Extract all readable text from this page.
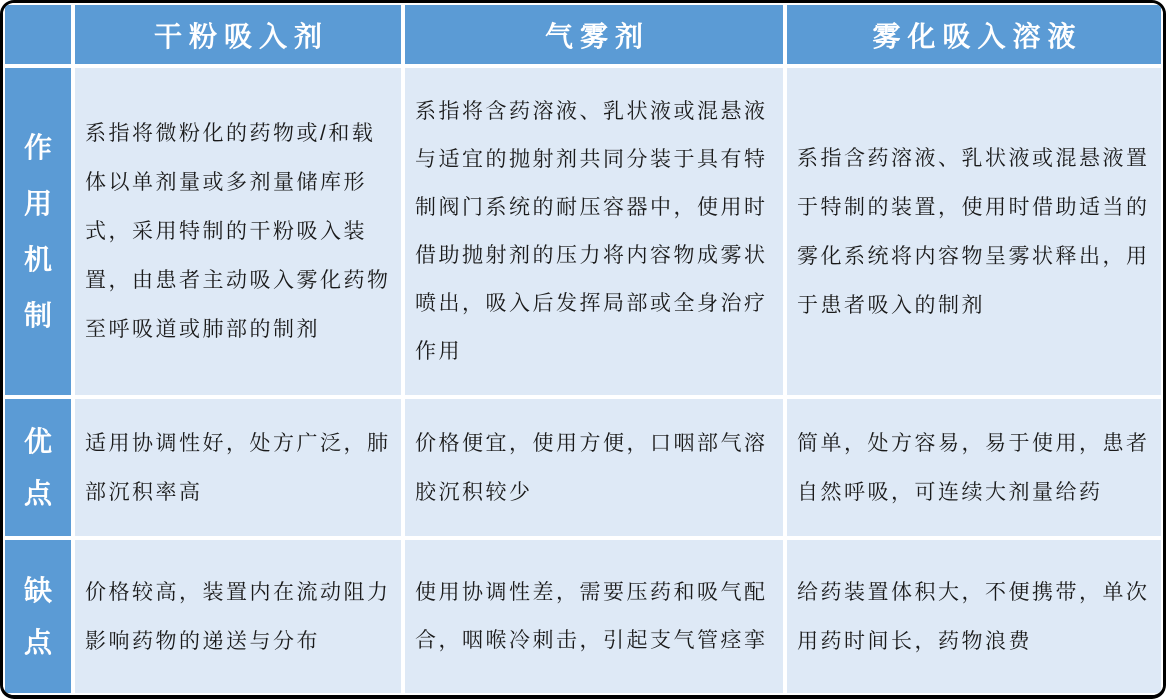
干粉吸入剂	气雾剂	雾化吸入溶液
作用机制
系指将微粉化的药物或/和载体以单剂量或多剂量储库形式，采用特制的干粉吸入装置，由患者主动吸入雾化药物至呼吸道或肺部的制剂
系指将含药溶液、乳状液或混悬液与适宜的抛射剂共同分装于具有特制阀门系统的耐压容器中，使用时借助抛射剂的压力将内容物成雾状喷出，吸入后发挥局部或全身治疗作用
系指含药溶液、乳状液或混悬液置于特制的装置，使用时借助适当的雾化系统将内容物呈雾状释出，用于患者吸入的制剂
优点
适用协调性好，处方广泛，肺部沉积率高
价格便宜，使用方便，口咽部气溶胶沉积较少
简单，处方容易，易于使用，患者自然呼吸，可连续大剂量给药
缺点
价格较高，装置内在流动阻力影响药物的递送与分布
使用协调性差，需要压药和吸气配合，咽喉冷刺击，引起支气管痉挛
给药装置体积大，不便携带，单次用药时间长，药物浪费
